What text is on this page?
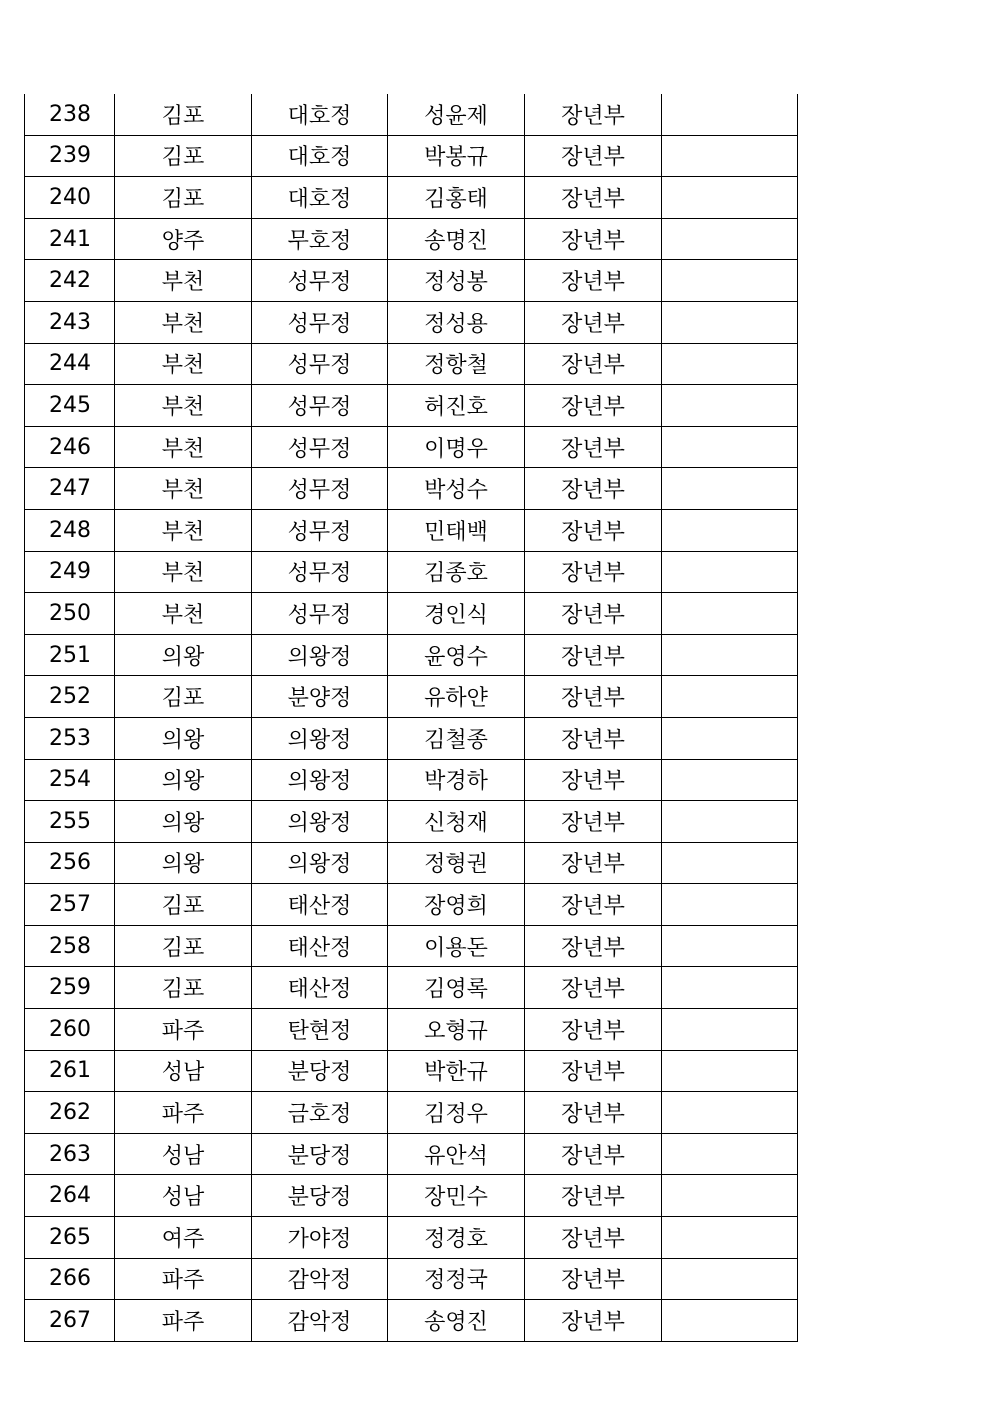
238	김포	대호정	성윤제	장년부	
239	김포	대호정	박봉규	장년부	
240	김포	대호정	김홍태	장년부	
241	양주	무호정	송명진	장년부	
242	부천	성무정	정성봉	장년부	
243	부천	성무정	정성용	장년부	
244	부천	성무정	정항철	장년부	
245	부천	성무정	허진호	장년부	
246	부천	성무정	이명우	장년부	
247	부천	성무정	박성수	장년부	
248	부천	성무정	민태백	장년부	
249	부천	성무정	김종호	장년부	
250	부천	성무정	경인식	장년부	
251	의왕	의왕정	윤영수	장년부	
252	김포	분양정	유하얀	장년부	
253	의왕	의왕정	김철종	장년부	
254	의왕	의왕정	박경하	장년부	
255	의왕	의왕정	신청재	장년부	
256	의왕	의왕정	정형권	장년부	
257	김포	태산정	장영희	장년부	
258	김포	태산정	이용돈	장년부	
259	김포	태산정	김영록	장년부	
260	파주	탄현정	오형규	장년부	
261	성남	분당정	박한규	장년부	
262	파주	금호정	김정우	장년부	
263	성남	분당정	유안석	장년부	
264	성남	분당정	장민수	장년부	
265	여주	가야정	정경호	장년부	
266	파주	감악정	정정국	장년부	
267	파주	감악정	송영진	장년부	
